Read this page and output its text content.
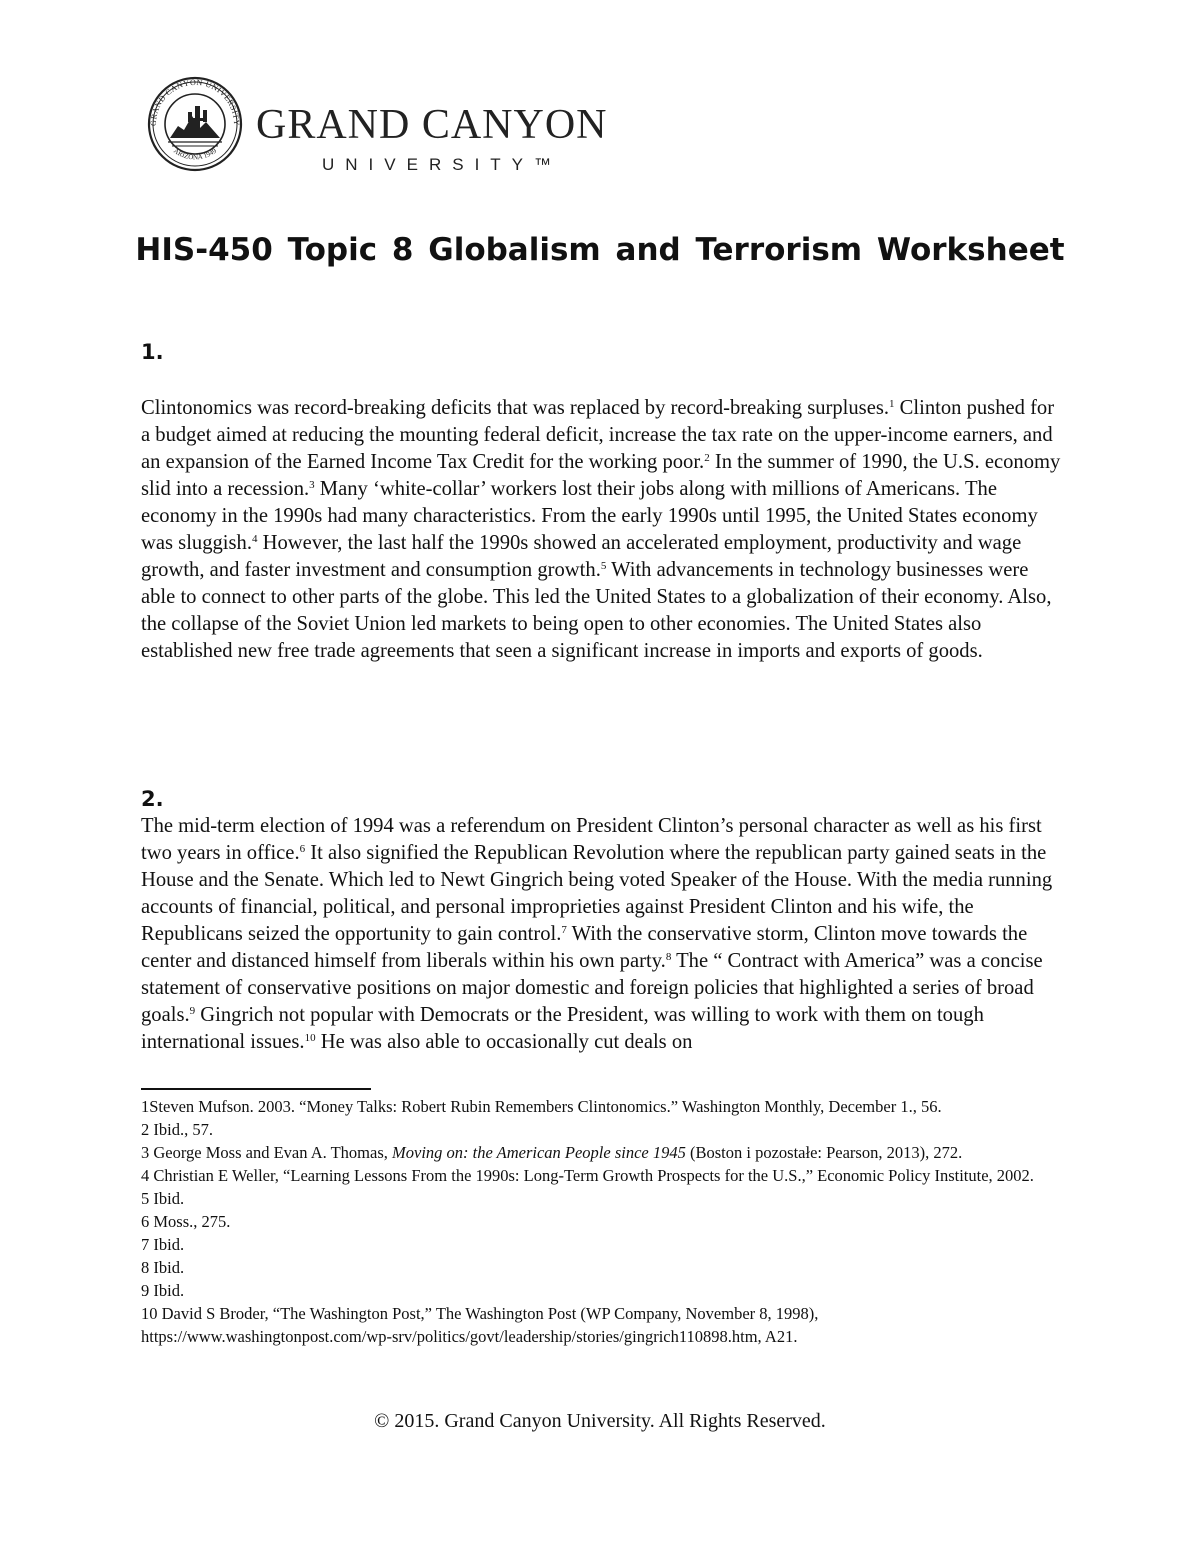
GRAND CANYON UNIVERSITY
ARIZONA 1949
GRAND CANYON
UNIVERSITY™
HIS-450 Topic 8 Globalism and Terrorism Worksheet
1.

Clintonomics was record-breaking deficits that was replaced by record-breaking surpluses.$^1$ Clinton pushed for a budget aimed at reducing the mounting federal deficit, increase the tax rate on the upper-income earners, and an expansion of the Earned Income Tax Credit for the working poor.$^2$ In the summer of 1990, the U.S. economy slid into a recession.$^3$ Many ‘white-collar’ workers lost their jobs along with millions of Americans. The economy in the 1990s had many characteristics. From the early 1990s until 1995, the United States economy was sluggish.$^4$ However, the last half the 1990s showed an accelerated employment, productivity and wage growth, and faster investment and consumption growth.$^5$ With advancements in technology businesses were able to connect to other parts of the globe. This led the United States to a globalization of their economy. Also, the collapse of the Soviet Union led markets to being open to other economies. The United States also established new free trade agreements that seen a significant increase in imports and exports of goods.

2.

The mid-term election of 1994 was a referendum on President Clinton’s personal character as well as his first two years in office.$^6$ It also signified the Republican Revolution where the republican party gained seats in the House and the Senate. Which led to Newt Gingrich being voted Speaker of the House. With the media running accounts of financial, political, and personal improprieties against President Clinton and his wife, the Republicans seized the opportunity to gain control.$^7$ With the conservative storm, Clinton move towards the center and distanced himself from liberals within his own party.$^8$ The “ Contract with America” was a concise statement of conservative positions on major domestic and foreign policies that highlighted a series of broad goals.$^9$ Gingrich not popular with Democrats or the President, was willing to work with them on tough international issues.$^{10}$ He was also able to occasionally cut deals on

1Steven Mufson. 2003. “Money Talks: Robert Rubin Remembers Clintonomics.” Washington Monthly, December 1., 56.
2 Ibid., 57.
3 George Moss and Evan A. Thomas, Moving on: the American People since 1945 (Boston i pozostałe: Pearson, 2013), 272.
4 Christian E Weller, “Learning Lessons From the 1990s: Long-Term Growth Prospects for the U.S.,” Economic Policy Institute, 2002.
5 Ibid.
6 Moss., 275.
7 Ibid.
8 Ibid.
9 Ibid.
10 David S Broder, “The Washington Post,” The Washington Post (WP Company, November 8, 1998), https://www.washingtonpost.com/wp-srv/politics/govt/leadership/stories/gingrich110898.htm, A21.
© 2015. Grand Canyon University. All Rights Reserved.
